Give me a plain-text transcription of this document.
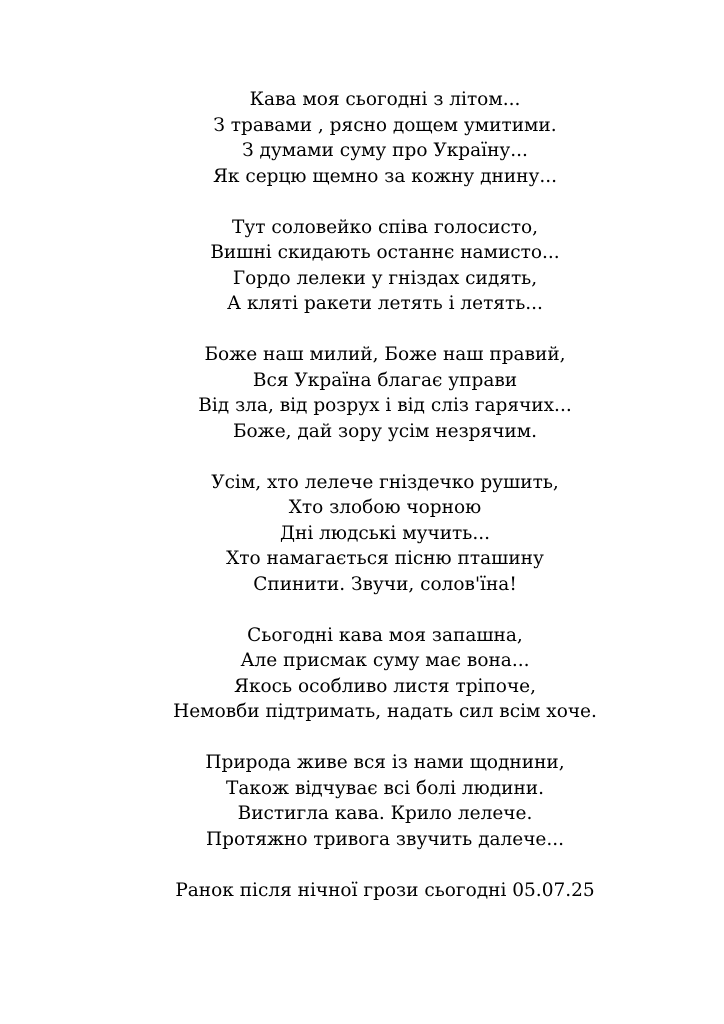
Кава моя сьогодні з літом...
З травами , рясно дощем умитими.
З думами суму про Україну...
Як серцю щемно за кожну днину...
Тут соловейко співа голосисто,
Вишні скидають останнє намисто...
Гордо лелеки у гніздах сидять,
А кляті ракети летять і летять...
Боже наш милий, Боже наш правий,
Вся Україна благає управи
Від зла, від розрух і від сліз гарячих...
Боже, дай зору усім незрячим.
Усім, хто лелече гніздечко рушить,
Хто злобою чорною
Дні людські мучить...
Хто намагається пісню пташину
Спинити. Звучи, солов'їна!
Сьогодні кава моя запашна,
Але присмак суму має вона...
Якось особливо листя тріпоче,
Немовби підтримать, надать сил всім хоче.
Природа живе вся із нами щоднини,
Також відчуває всі болі людини.
Вистигла кава. Крило лелече.
Протяжно тривога звучить далече...
Ранок після нічної грози сьогодні 05.07.25
